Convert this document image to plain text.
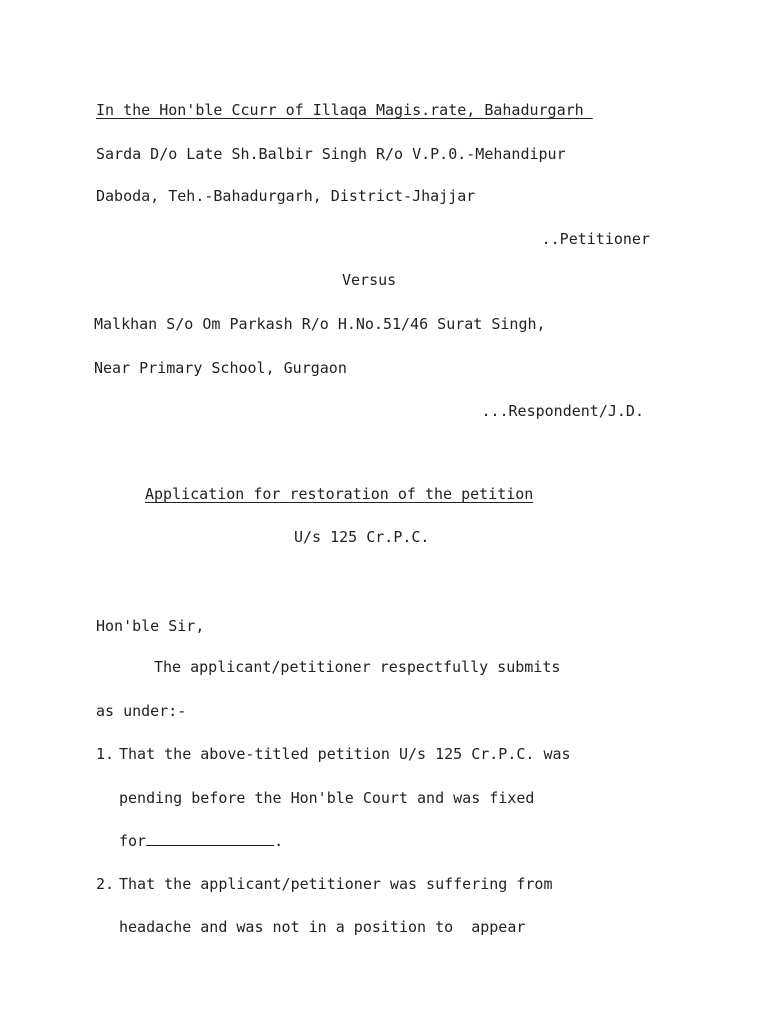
In the Hon'ble Ccurr of Illaqa Magis.rate, Bahadurgarh
Sarda D/o Late Sh.Balbir Singh R/o V.P.0.-Mehandipur
Daboda, Teh.-Bahadurgarh, District-Jhajjar
..Petitioner
Versus
Malkhan S/o Om Parkash R/o H.No.51/46 Surat Singh,
Near Primary School, Gurgaon
...Respondent/J.D.
Application for restoration of the petition
U/s 125 Cr.P.C.
Hon'ble Sir,
The applicant/petitioner respectfully submits
as under:-
1. That the above-titled petition U/s 125 Cr.P.C. was
pending before the Hon'ble Court and was fixed
for	.
2. That the applicant/petitioner was suffering from
headache and was not in a position to  appear
